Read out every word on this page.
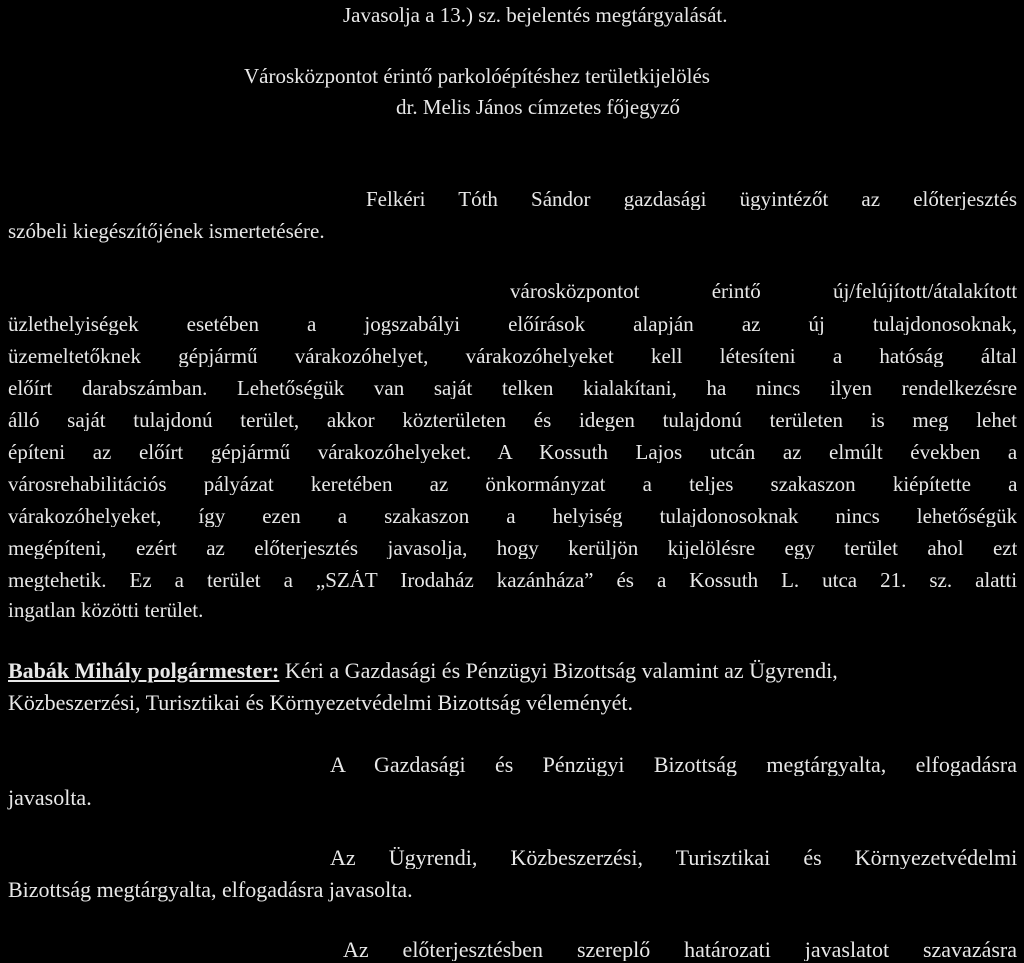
Javasolja a 13.) sz. bejelentés megtárgyalását.
Városközpontot érintő parkolóépítéshez területkijelölés
dr. Melis János címzetes főjegyző
Felkéri Tóth Sándor gazdasági ügyintézőt az előterjesztés
szóbeli kiegészítőjének ismertetésére.
városközpontot érintő új/felújított/átalakított
üzlethelyiségek esetében a jogszabályi előírások alapján az új tulajdonosoknak,
üzemeltetőknek gépjármű várakozóhelyet, várakozóhelyeket kell létesíteni a hatóság által
előírt darabszámban. Lehetőségük van saját telken kialakítani, ha nincs ilyen rendelkezésre
álló saját tulajdonú terület, akkor közterületen és idegen tulajdonú területen is meg lehet
építeni az előírt gépjármű várakozóhelyeket. A Kossuth Lajos utcán az elmúlt években a
városrehabilitációs pályázat keretében az önkormányzat a teljes szakaszon kiépítette a
várakozóhelyeket, így ezen a szakaszon a helyiség tulajdonosoknak nincs lehetőségük
megépíteni, ezért az előterjesztés javasolja, hogy kerüljön kijelölésre egy terület ahol ezt
megtehetik. Ez a terület a „SZÁT Irodaház kazánháza” és a Kossuth L. utca 21. sz. alatti
ingatlan közötti terület.
Babák Mihály polgármester: Kéri a Gazdasági és Pénzügyi Bizottság valamint az Ügyrendi,
Közbeszerzési, Turisztikai és Környezetvédelmi Bizottság véleményét.
A Gazdasági és Pénzügyi Bizottság megtárgyalta, elfogadásra
javasolta.
Az Ügyrendi, Közbeszerzési, Turisztikai és Környezetvédelmi
Bizottság megtárgyalta, elfogadásra javasolta.
Az előterjesztésben szereplő határozati javaslatot szavazásra
